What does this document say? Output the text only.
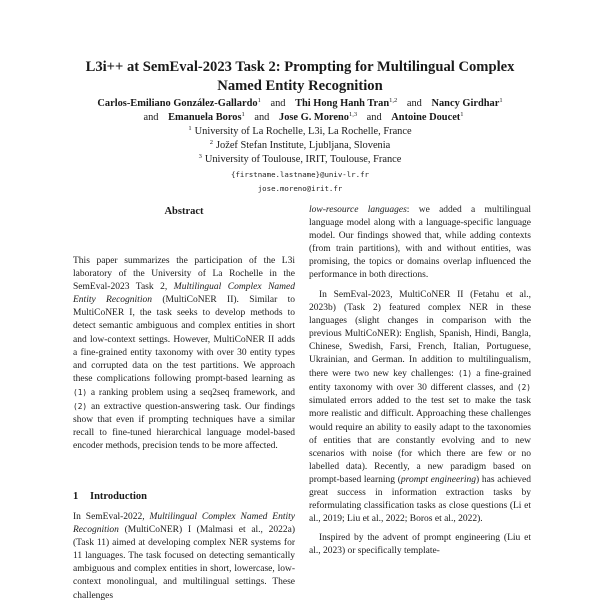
L3i++ at SemEval-2023 Task 2: Prompting for Multilingual Complex
Named Entity Recognition
Carlos-Emiliano González-Gallardo$^1$ and Thi Hong Hanh Tran$^{1,2}$ and Nancy Girdhar$^1$
and Emanuela Boros$^1$ and Jose G. Moreno$^{1,3}$ and Antoine Doucet$^1$
$^1$ University of La Rochelle, L3i, La Rochelle, France
$^2$ Jožef Stefan Institute, Ljubljana, Slovenia
$^3$ University of Toulouse, IRIT, Toulouse, France
{firstname.lastname}@univ-lr.fr
jose.moreno@irit.fr
Abstract
This paper summarizes the participation of the L3i laboratory of the University of La Rochelle in the SemEval-2023 Task 2, Multilingual Complex Named Entity Recognition (MultiCoNER II). Similar to MultiCoNER I, the task seeks to develop methods to detect semantic ambiguous and complex entities in short and low-context settings. However, MultiCoNER II adds a fine-grained entity taxonomy with over 30 entity types and corrupted data on the test partitions. We approach these complications following prompt-based learning as (1) a ranking problem using a seq2seq framework, and (2) an extractive question-answering task. Our findings show that even if prompting techniques have a similar recall to fine-tuned hierarchical language model-based encoder methods, precision tends to be more affected.
1 Introduction
In SemEval-2022, Multilingual Complex Named Entity Recognition (MultiCoNER) I (Malmasi et al., 2022a) (Task 11) aimed at developing complex NER systems for 11 languages. The task focused on detecting semantically ambiguous and complex entities in short, lowercase, low-context monolingual, and multilingual settings. These challenges

low-resource languages: we added a multilingual language model along with a language-specific language model. Our findings showed that, while adding contexts (from train partitions), with and without entities, was promising, the topics or domains overlap influenced the performance in both directions.

In SemEval-2023, MultiCoNER II (Fetahu et al., 2023b) (Task 2) featured complex NER in these languages (slight changes in comparison with the previous MultiCoNER): English, Spanish, Hindi, Bangla, Chinese, Swedish, Farsi, French, Italian, Portuguese, Ukrainian, and German. In addition to multilingualism, there were two new key challenges: (1) a fine-grained entity taxonomy with over 30 different classes, and (2) simulated errors added to the test set to make the task more realistic and difficult. Approaching these challenges would require an ability to easily adapt to the taxonomies of entities that are constantly evolving and to new scenarios with noise (for which there are few or no labelled data). Recently, a new paradigm based on prompt-based learning (prompt engineering) has achieved great success in information extraction tasks by reformulating classification tasks as close questions (Li et al., 2019; Liu et al., 2022; Boros et al., 2022).

Inspired by the advent of prompt engineering (Liu et al., 2023) or specifically template-
